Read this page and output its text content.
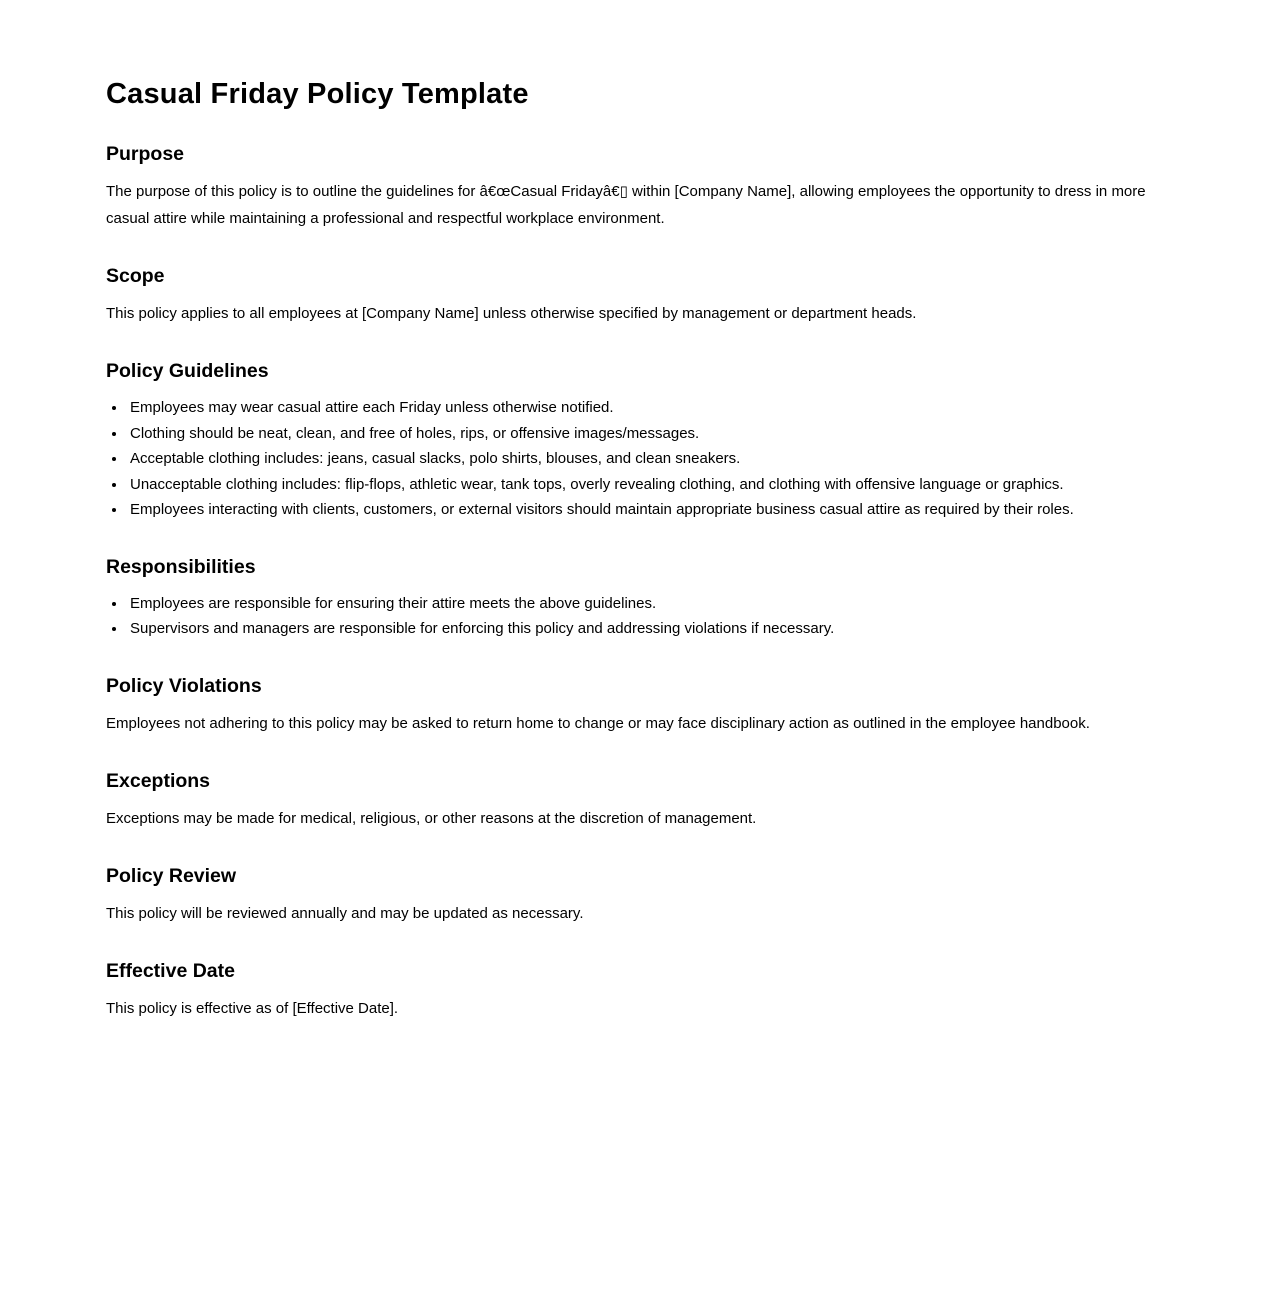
Casual Friday Policy Template
Purpose

The purpose of this policy is to outline the guidelines for â€œCasual Fridayâ€▯ within [Company Name], allowing employees the opportunity to dress in more casual attire while maintaining a professional and respectful workplace environment.

Scope

This policy applies to all employees at [Company Name] unless otherwise specified by management or department heads.

Policy Guidelines
• Employees may wear casual attire each Friday unless otherwise notified.
• Clothing should be neat, clean, and free of holes, rips, or offensive images/messages.
• Acceptable clothing includes: jeans, casual slacks, polo shirts, blouses, and clean sneakers.
• Unacceptable clothing includes: flip-flops, athletic wear, tank tops, overly revealing clothing, and clothing with offensive language or graphics.
• Employees interacting with clients, customers, or external visitors should maintain appropriate business casual attire as required by their roles.
Responsibilities
• Employees are responsible for ensuring their attire meets the above guidelines.
• Supervisors and managers are responsible for enforcing this policy and addressing violations if necessary.
Policy Violations

Employees not adhering to this policy may be asked to return home to change or may face disciplinary action as outlined in the employee handbook.

Exceptions

Exceptions may be made for medical, religious, or other reasons at the discretion of management.

Policy Review

This policy will be reviewed annually and may be updated as necessary.

Effective Date

This policy is effective as of [Effective Date].
